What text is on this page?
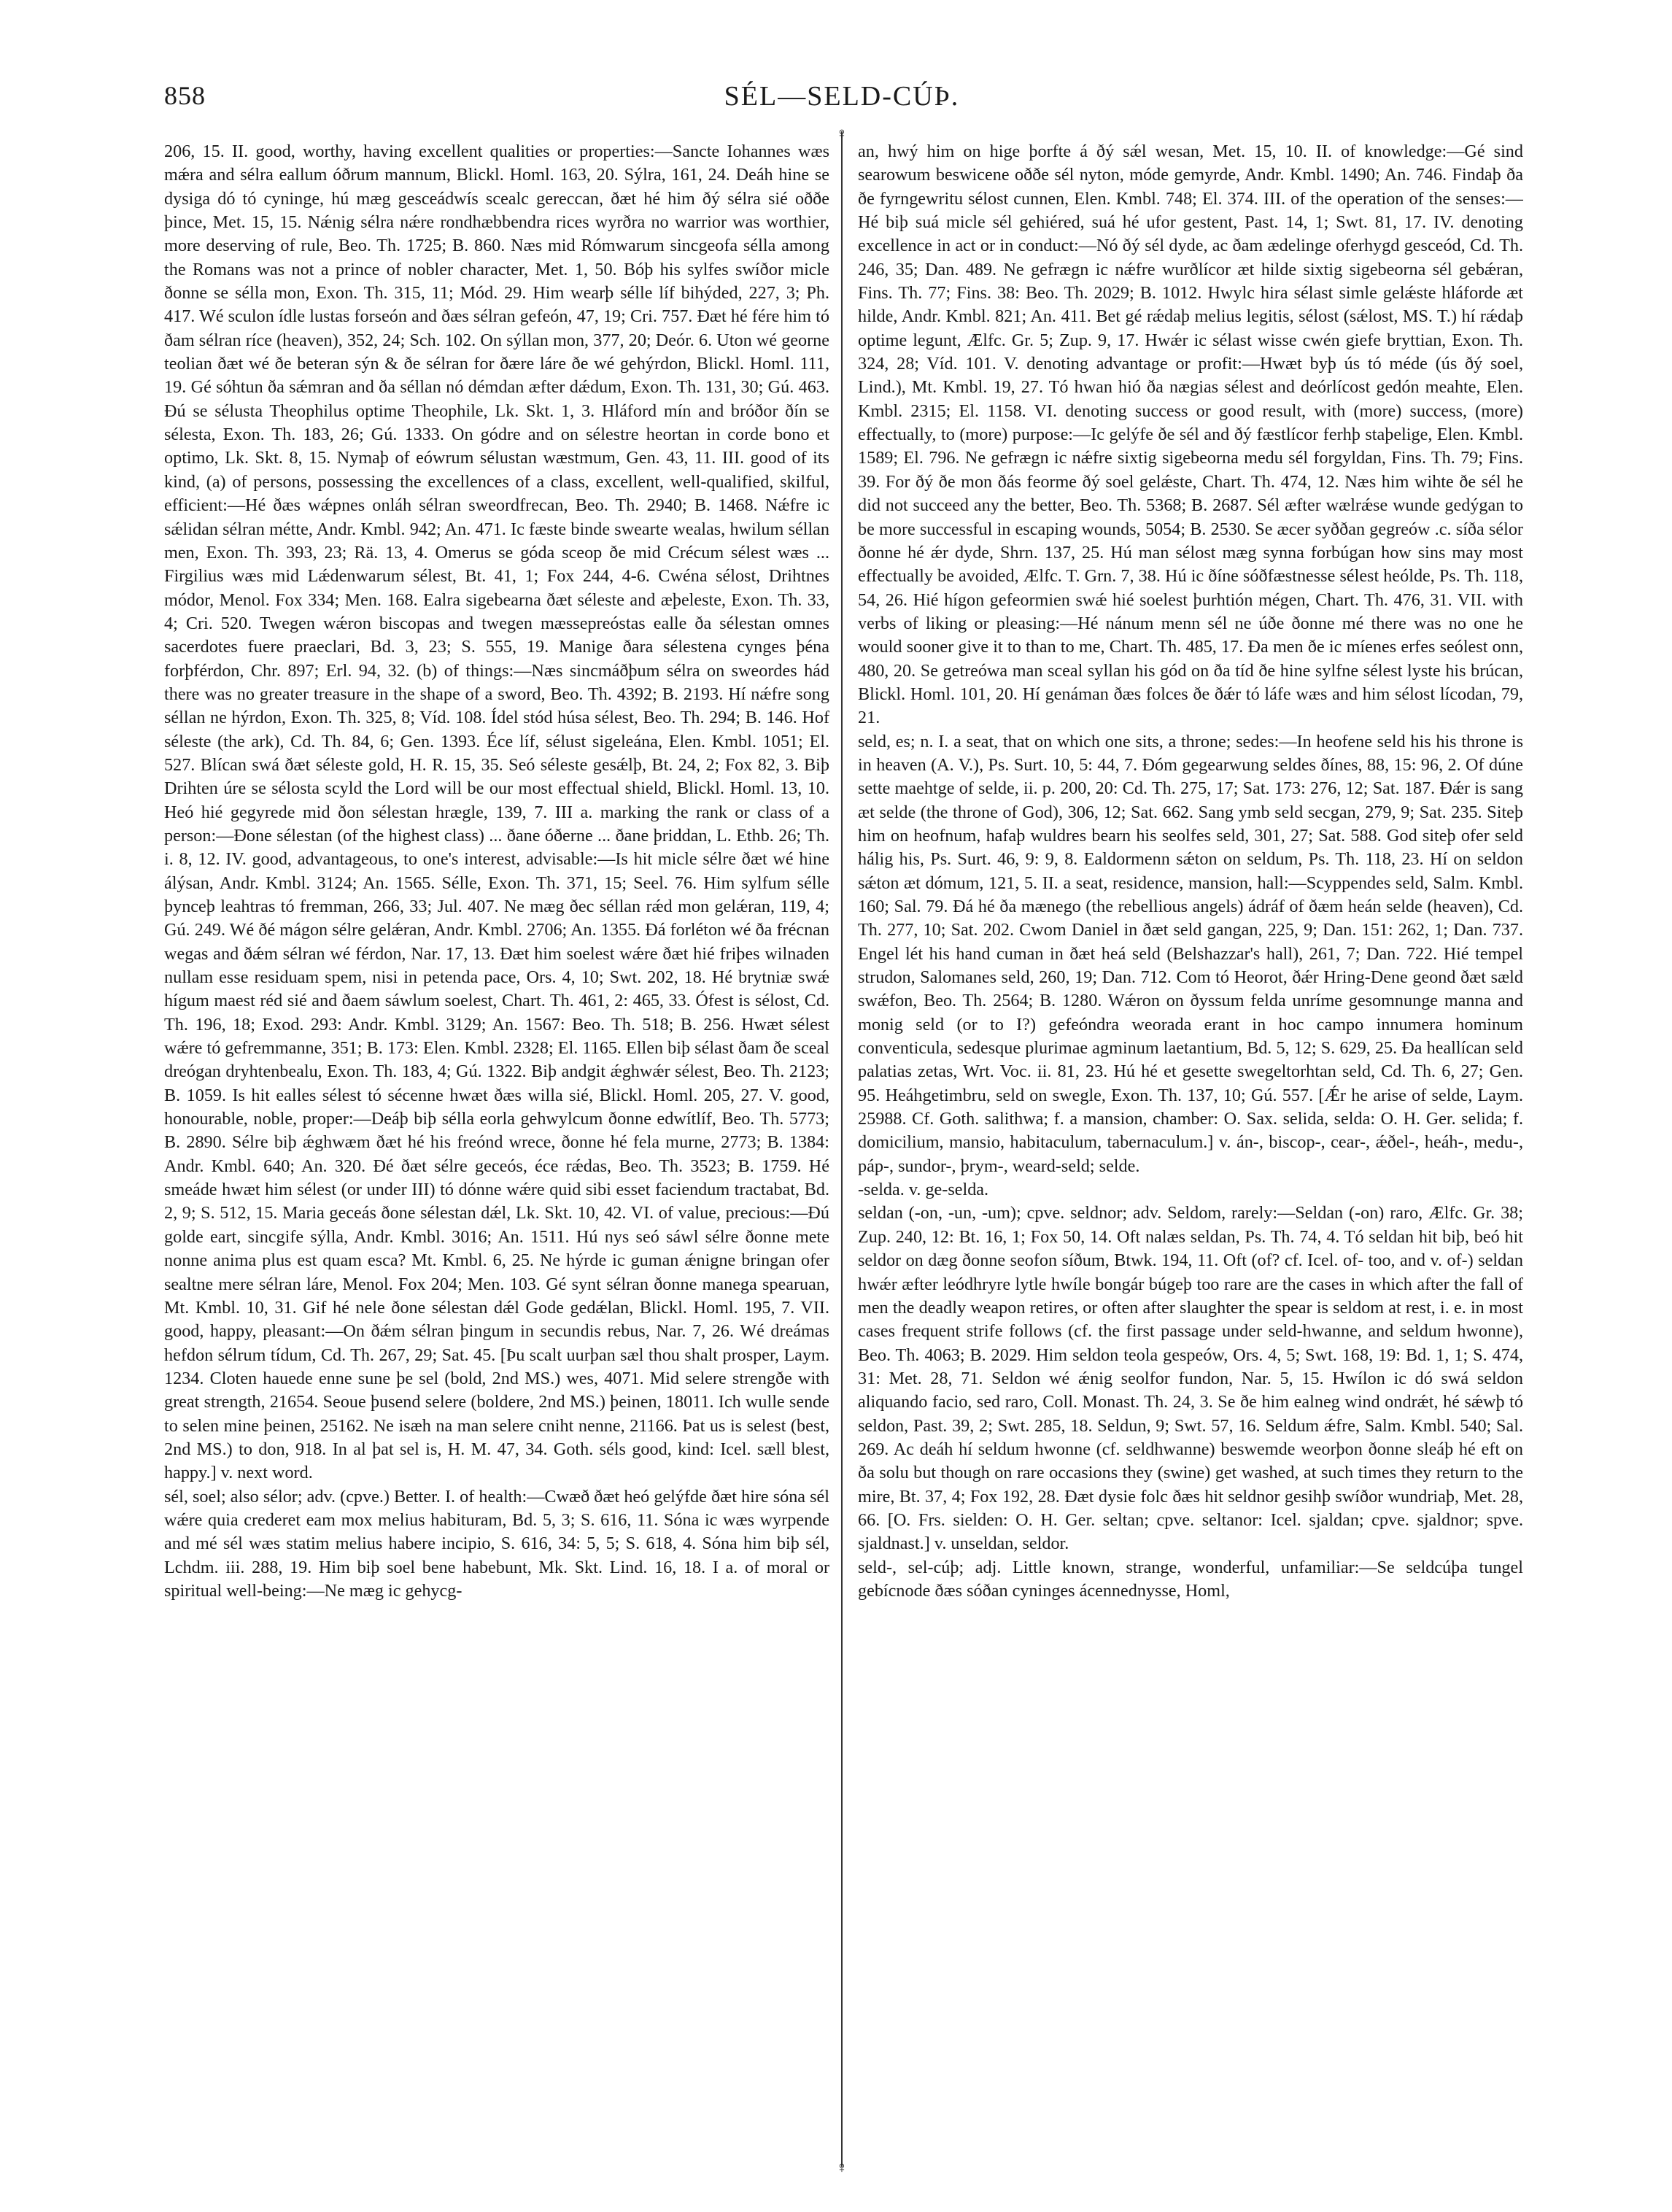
858	SÉL—SELD-CÚÞ.
♀
♀

206, 15. II. good, worthy, having excellent qualities or properties:—Sancte Iohannes wæs mǽra and sélra eallum óðrum mannum, Blickl. Homl. 163, 20. Sýlra, 161, 24. Deáh hine se dysiga dó tó cyninge, hú mæg gesceádwís scealc gereccan, ðæt hé him ðý sélra sié oððe þince, Met. 15, 15. Nǽnig sélra nǽre rondhæbbendra rices wyrðra no warrior was worthier, more deserving of rule, Beo. Th. 1725; B. 860. Næs mid Rómwarum sincgeofa sélla among the Romans was not a prince of nobler character, Met. 1, 50. Bóþ his sylfes swíðor micle ðonne se sélla mon, Exon. Th. 315, 11; Mód. 29. Him wearþ sélle líf bihýded, 227, 3; Ph. 417. Wé sculon ídle lustas forseón and ðæs sélran gefeón, 47, 19; Cri. 757. Ðæt hé fére him tó ðam sélran ríce (heaven), 352, 24; Sch. 102. On sýllan mon, 377, 20; Deór. 6. Uton wé georne teolian ðæt wé ðe beteran sýn & ðe sélran for ðære láre ðe wé gehýrdon, Blickl. Homl. 111, 19. Gé sóhtun ða sǽmran and ða séllan nó démdan æfter dǽdum, Exon. Th. 131, 30; Gú. 463. Ðú se sélusta Theophilus optime Theophile, Lk. Skt. 1, 3. Hláford mín and bróðor ðín se sélesta, Exon. Th. 183, 26; Gú. 1333. On gódre and on sélestre heortan in corde bono et optimo, Lk. Skt. 8, 15. Nymaþ of eówrum sélustan wæstmum, Gen. 43, 11. III. good of its kind, (a) of persons, possessing the excellences of a class, excellent, well-qualified, skilful, efficient:—Hé ðæs wǽpnes onláh sélran sweordfrecan, Beo. Th. 2940; B. 1468. Nǽfre ic sǽlidan sélran métte, Andr. Kmbl. 942; An. 471. Ic fæste binde swearte wealas, hwilum séllan men, Exon. Th. 393, 23; Rä. 13, 4. Omerus se góda sceop ðe mid Crécum sélest wæs ... Firgilius wæs mid Lǽdenwarum sélest, Bt. 41, 1; Fox 244, 4-6. Cwéna sélost, Drihtnes módor, Menol. Fox 334; Men. 168. Ealra sigebearna ðæt séleste and æþeleste, Exon. Th. 33, 4; Cri. 520. Twegen wǽron biscopas and twegen mæssepreóstas ealle ða sélestan omnes sacerdotes fuere praeclari, Bd. 3, 23; S. 555, 19. Manige ðara sélestena cynges þéna forþférdon, Chr. 897; Erl. 94, 32. (b) of things:—Næs sincmáðþum sélra on sweordes hád there was no greater treasure in the shape of a sword, Beo. Th. 4392; B. 2193. Hí nǽfre song séllan ne hýrdon, Exon. Th. 325, 8; Víd. 108. Ídel stód húsa sélest, Beo. Th. 294; B. 146. Hof séleste (the ark), Cd. Th. 84, 6; Gen. 1393. Éce líf, sélust sigeleána, Elen. Kmbl. 1051; El. 527. Blícan swá ðæt séleste gold, H. R. 15, 35. Seó séleste gesǽlþ, Bt. 24, 2; Fox 82, 3. Biþ Drihten úre se sélosta scyld the Lord will be our most effectual shield, Blickl. Homl. 13, 10. Heó hié gegyrede mid ðon sélestan hrægle, 139, 7. III a. marking the rank or class of a person:—Ðone sélestan (of the highest class) ... ðane óðerne ... ðane þriddan, L. Ethb. 26; Th. i. 8, 12. IV. good, advantageous, to one's interest, advisable:—Is hit micle sélre ðæt wé hine álýsan, Andr. Kmbl. 3124; An. 1565. Sélle, Exon. Th. 371, 15; Seel. 76. Him sylfum sélle þynceþ leahtras tó fremman, 266, 33; Jul. 407. Ne mæg ðec séllan rǽd mon gelǽran, 119, 4; Gú. 249. Wé ðé mágon sélre gelǽran, Andr. Kmbl. 2706; An. 1355. Ðá forléton wé ða frécnan wegas and ðǽm sélran wé férdon, Nar. 17, 13. Ðæt him soelest wǽre ðæt hié friþes wilnaden nullam esse residuam spem, nisi in petenda pace, Ors. 4, 10; Swt. 202, 18. Hé brytniæ swǽ hígum maest réd sié and ðaem sáwlum soelest, Chart. Th. 461, 2: 465, 33. Ófest is sélost, Cd. Th. 196, 18; Exod. 293: Andr. Kmbl. 3129; An. 1567: Beo. Th. 518; B. 256. Hwæt sélest wǽre tó gefremmanne, 351; B. 173: Elen. Kmbl. 2328; El. 1165. Ellen biþ sélast ðam ðe sceal dreógan dryhtenbealu, Exon. Th. 183, 4; Gú. 1322. Biþ andgit ǽghwǽr sélest, Beo. Th. 2123; B. 1059. Is hit ealles sélest tó sécenne hwæt ðæs willa sié, Blickl. Homl. 205, 27. V. good, honourable, noble, proper:—Deáþ biþ sélla eorla gehwylcum ðonne edwítlíf, Beo. Th. 5773; B. 2890. Sélre biþ ǽghwæm ðæt hé his freónd wrece, ðonne hé fela murne, 2773; B. 1384: Andr. Kmbl. 640; An. 320. Ðé ðæt sélre geceós, éce rǽdas, Beo. Th. 3523; B. 1759. Hé smeáde hwæt him sélest (or under III) tó dónne wǽre quid sibi esset faciendum tractabat, Bd. 2, 9; S. 512, 15. Maria geceás ðone sélestan dǽl, Lk. Skt. 10, 42. VI. of value, precious:—Ðú golde eart, sincgife sýlla, Andr. Kmbl. 3016; An. 1511. Hú nys seó sáwl sélre ðonne mete nonne anima plus est quam esca? Mt. Kmbl. 6, 25. Ne hýrde ic guman ǽnigne bringan ofer sealtne mere sélran láre, Menol. Fox 204; Men. 103. Gé synt sélran ðonne manega spearuan, Mt. Kmbl. 10, 31. Gif hé nele ðone sélestan dǽl Gode gedǽlan, Blickl. Homl. 195, 7. VII. good, happy, pleasant:—On ðǽm sélran þingum in secundis rebus, Nar. 7, 26. Wé dreámas hefdon sélrum tídum, Cd. Th. 267, 29; Sat. 45. [Þu scalt uurþan sæl thou shalt prosper, Laym. 1234. Cloten hauede enne sune þe sel (bold, 2nd MS.) wes, 4071. Mid selere strengðe with great strength, 21654. Seoue þusend selere (boldere, 2nd MS.) þeinen, 18011. Ich wulle sende to selen mine þeinen, 25162. Ne isæh na man selere cniht nenne, 21166. Þat us is selest (best, 2nd MS.) to don, 918. In al þat sel is, H. M. 47, 34. Goth. séls good, kind: Icel. sæll blest, happy.] v. next word.

sél, soel; also sélor; adv. (cpve.) Better. I. of health:—Cwæð ðæt heó gelýfde ðæt hire sóna sél wǽre quia crederet eam mox melius habituram, Bd. 5, 3; S. 616, 11. Sóna ic wæs wyrpende and mé sél wæs statim melius habere incipio, S. 616, 34: 5, 5; S. 618, 4. Sóna him biþ sél, Lchdm. iii. 288, 19. Him biþ soel bene habebunt, Mk. Skt. Lind. 16, 18. I a. of moral or spiritual well-being:—Ne mæg ic gehycg-

an, hwý him on hige þorfte á ðý sǽl wesan, Met. 15, 10. II. of knowledge:—Gé sind searowum beswicene oððe sél nyton, móde gemyrde, Andr. Kmbl. 1490; An. 746. Findaþ ða ðe fyrngewritu sélost cunnen, Elen. Kmbl. 748; El. 374. III. of the operation of the senses:—Hé biþ suá micle sél gehiéred, suá hé ufor gestent, Past. 14, 1; Swt. 81, 17. IV. denoting excellence in act or in conduct:—Nó ðý sél dyde, ac ðam ædelinge oferhygd gesceód, Cd. Th. 246, 35; Dan. 489. Ne gefrægn ic nǽfre wurðlícor æt hilde sixtig sigebeorna sél gebǽran, Fins. Th. 77; Fins. 38: Beo. Th. 2029; B. 1012. Hwylc hira sélast simle gelǽste hláforde æt hilde, Andr. Kmbl. 821; An. 411. Bet gé rǽdaþ melius legitis, sélost (sǽlost, MS. T.) hí rǽdaþ optime legunt, Ælfc. Gr. 5; Zup. 9, 17. Hwǽr ic sélast wisse cwén giefe bryttian, Exon. Th. 324, 28; Víd. 101. V. denoting advantage or profit:—Hwæt byþ ús tó méde (ús ðý soel, Lind.), Mt. Kmbl. 19, 27. Tó hwan hió ða nægias sélest and deórlícost gedón meahte, Elen. Kmbl. 2315; El. 1158. VI. denoting success or good result, with (more) success, (more) effectually, to (more) purpose:—Ic gelýfe ðe sél and ðý fæstlícor ferhþ staþelige, Elen. Kmbl. 1589; El. 796. Ne gefrægn ic nǽfre sixtig sigebeorna medu sél forgyldan, Fins. Th. 79; Fins. 39. For ðý ðe mon ðás feorme ðý soel gelǽste, Chart. Th. 474, 12. Næs him wihte ðe sél he did not succeed any the better, Beo. Th. 5368; B. 2687. Sél æfter wælrǽse wunde gedýgan to be more successful in escaping wounds, 5054; B. 2530. Se æcer syððan gegreów .c. síða sélor ðonne hé ǽr dyde, Shrn. 137, 25. Hú man sélost mæg synna forbúgan how sins may most effectually be avoided, Ælfc. T. Grn. 7, 38. Hú ic ðíne sóðfæstnesse sélest heólde, Ps. Th. 118, 54, 26. Hié hígon gefeormien swǽ hié soelest þurhtión mégen, Chart. Th. 476, 31. VII. with verbs of liking or pleasing:—Hé nánum menn sél ne úðe ðonne mé there was no one he would sooner give it to than to me, Chart. Th. 485, 17. Ða men ðe ic míenes erfes seólest onn, 480, 20. Se getreówa man sceal syllan his gód on ða tíd ðe hine sylfne sélest lyste his brúcan, Blickl. Homl. 101, 20. Hí genáman ðæs folces ðe ðǽr tó láfe wæs and him sélost lícodan, 79, 21.

seld, es; n. I. a seat, that on which one sits, a throne; sedes:—In heofene seld his his throne is in heaven (A. V.), Ps. Surt. 10, 5: 44, 7. Ðóm gegearwung seldes ðínes, 88, 15: 96, 2. Of dúne sette maehtge of selde, ii. p. 200, 20: Cd. Th. 275, 17; Sat. 173: 276, 12; Sat. 187. Ðǽr is sang æt selde (the throne of God), 306, 12; Sat. 662. Sang ymb seld secgan, 279, 9; Sat. 235. Siteþ him on heofnum, hafaþ wuldres bearn his seolfes seld, 301, 27; Sat. 588. God siteþ ofer seld hálig his, Ps. Surt. 46, 9: 9, 8. Ealdormenn sǽton on seldum, Ps. Th. 118, 23. Hí on seldon sǽton æt dómum, 121, 5. II. a seat, residence, mansion, hall:—Scyppendes seld, Salm. Kmbl. 160; Sal. 79. Ðá hé ða mænego (the rebellious angels) ádráf of ðæm heán selde (heaven), Cd. Th. 277, 10; Sat. 202. Cwom Daniel in ðæt seld gangan, 225, 9; Dan. 151: 262, 1; Dan. 737. Engel lét his hand cuman in ðæt heá seld (Belshazzar's hall), 261, 7; Dan. 722. Hié tempel strudon, Salomanes seld, 260, 19; Dan. 712. Com tó Heorot, ðǽr Hring-Dene geond ðæt sæld swǽfon, Beo. Th. 2564; B. 1280. Wǽron on ðyssum felda unríme gesomnunge manna and monig seld (or to I?) gefeóndra weorada erant in hoc campo innumera hominum conventicula, sedesque plurimae agminum laetantium, Bd. 5, 12; S. 629, 25. Ða heallícan seld palatias zetas, Wrt. Voc. ii. 81, 23. Hú hé et gesette swegeltorhtan seld, Cd. Th. 6, 27; Gen. 95. Heáhgetimbru, seld on swegle, Exon. Th. 137, 10; Gú. 557. [Ǽr he arise of selde, Laym. 25988. Cf. Goth. salithwa; f. a mansion, chamber: O. Sax. selida, selda: O. H. Ger. selida; f. domicilium, mansio, habitaculum, tabernaculum.] v. án-, biscop-, cear-, ǽðel-, heáh-, medu-, páp-, sundor-, þrym-, weard-seld; selde.

-selda. v. ge-selda.

seldan (-on, -un, -um); cpve. seldnor; adv. Seldom, rarely:—Seldan (-on) raro, Ælfc. Gr. 38; Zup. 240, 12: Bt. 16, 1; Fox 50, 14. Oft nalæs seldan, Ps. Th. 74, 4. Tó seldan hit biþ, beó hit seldor on dæg ðonne seofon síðum, Btwk. 194, 11. Oft (of? cf. Icel. of- too, and v. of-) seldan hwǽr æfter leódhryre lytle hwíle bongár búgeþ too rare are the cases in which after the fall of men the deadly weapon retires, or often after slaughter the spear is seldom at rest, i. e. in most cases frequent strife follows (cf. the first passage under seld-hwanne, and seldum hwonne), Beo. Th. 4063; B. 2029. Him seldon teola gespeów, Ors. 4, 5; Swt. 168, 19: Bd. 1, 1; S. 474, 31: Met. 28, 71. Seldon wé ǽnig seolfor fundon, Nar. 5, 15. Hwílon ic dó swá seldon aliquando facio, sed raro, Coll. Monast. Th. 24, 3. Se ðe him ealneg wind ondrǽt, hé sǽwþ tó seldon, Past. 39, 2; Swt. 285, 18. Seldun, 9; Swt. 57, 16. Seldum ǽfre, Salm. Kmbl. 540; Sal. 269. Ac deáh hí seldum hwonne (cf. seldhwanne) beswemde weorþon ðonne sleáþ hé eft on ða solu but though on rare occasions they (swine) get washed, at such times they return to the mire, Bt. 37, 4; Fox 192, 28. Ðæt dysie folc ðæs hit seldnor gesihþ swíðor wundriaþ, Met. 28, 66. [O. Frs. sielden: O. H. Ger. seltan; cpve. seltanor: Icel. sjaldan; cpve. sjaldnor; spve. sjaldnast.] v. unseldan, seldor.

seld-, sel-cúþ; adj. Little known, strange, wonderful, unfamiliar:—Se seldcúþa tungel gebícnode ðæs sóðan cyninges ácennednysse, Homl,
